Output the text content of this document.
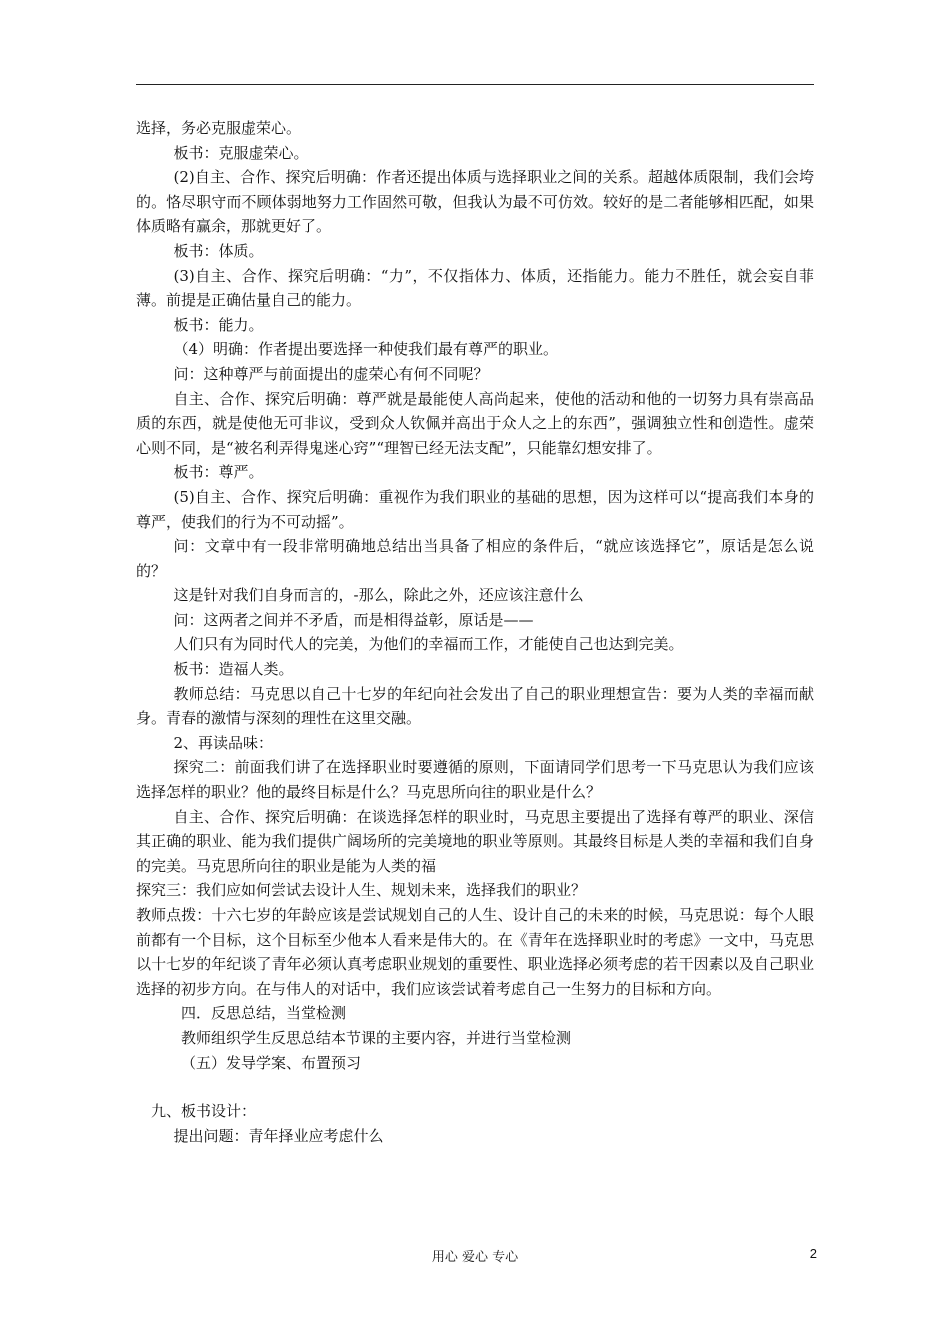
选择，务必克服虚荣心。

板书：克服虚荣心。

(2)自主、合作、探究后明确：作者还提出体质与选择职业之间的关系。超越体质限制，我们会垮的。恪尽职守而不顾体弱地努力工作固然可敬，但我认为最不可仿效。较好的是二者能够相匹配，如果体质略有赢余，那就更好了。

板书：体质。

(3)自主、合作、探究后明确：“力”，不仅指体力、体质，还指能力。能力不胜任，就会妄自菲薄。前提是正确估量自己的能力。

板书：能力。

（4）明确：作者提出要选择一种使我们最有尊严的职业。

问：这种尊严与前面提出的虚荣心有何不同呢？

自主、合作、探究后明确：尊严就是最能使人高尚起来，使他的活动和他的一切努力具有崇高品质的东西，就是使他无可非议，受到众人钦佩并高出于众人之上的东西”，强调独立性和创造性。虚荣心则不同，是“被名利弄得鬼迷心窍”“理智已经无法支配”，只能靠幻想安排了。

板书：尊严。

(5)自主、合作、探究后明确：重视作为我们职业的基础的思想，因为这样可以“提高我们本身的尊严，使我们的行为不可动摇”。

问：文章中有一段非常明确地总结出当具备了相应的条件后，“就应该选择它”，原话是怎么说的？

这是针对我们自身而言的，-那么，除此之外，还应该注意什么

问：这两者之间并不矛盾，而是相得益彰，原话是——

人们只有为同时代人的完美，为他们的幸福而工作，才能使自己也达到完美。

板书：造福人类。

教师总结：马克思以自己十七岁的年纪向社会发出了自己的职业理想宣告：要为人类的幸福而献身。青春的激情与深刻的理性在这里交融。

2、再读品味：

探究二：前面我们讲了在选择职业时要遵循的原则，下面请同学们思考一下马克思认为我们应该选择怎样的职业？他的最终目标是什么？马克思所向往的职业是什么？

自主、合作、探究后明确：在谈选择怎样的职业时，马克思主要提出了选择有尊严的职业、深信其正确的职业、能为我们提供广阔场所的完美境地的职业等原则。其最终目标是人类的幸福和我们自身的完美。马克思所向往的职业是能为人类的福

探究三：我们应如何尝试去设计人生、规划未来，选择我们的职业？

教师点拨：十六七岁的年龄应该是尝试规划自己的人生、设计自己的未来的时候，马克思说：每个人眼前都有一个目标，这个目标至少他本人看来是伟大的。在《青年在选择职业时的考虑》一文中，马克思以十七岁的年纪谈了青年必须认真考虑职业规划的重要性、职业选择必须考虑的若干因素以及自己职业选择的初步方向。在与伟人的对话中，我们应该尝试着考虑自己一生努力的目标和方向。

四．反思总结，当堂检测

教师组织学生反思总结本节课的主要内容，并进行当堂检测

（五）发导学案、布置预习

九、板书设计：

提出问题：青年择业应考虑什么

用心 爱心 专心	2
